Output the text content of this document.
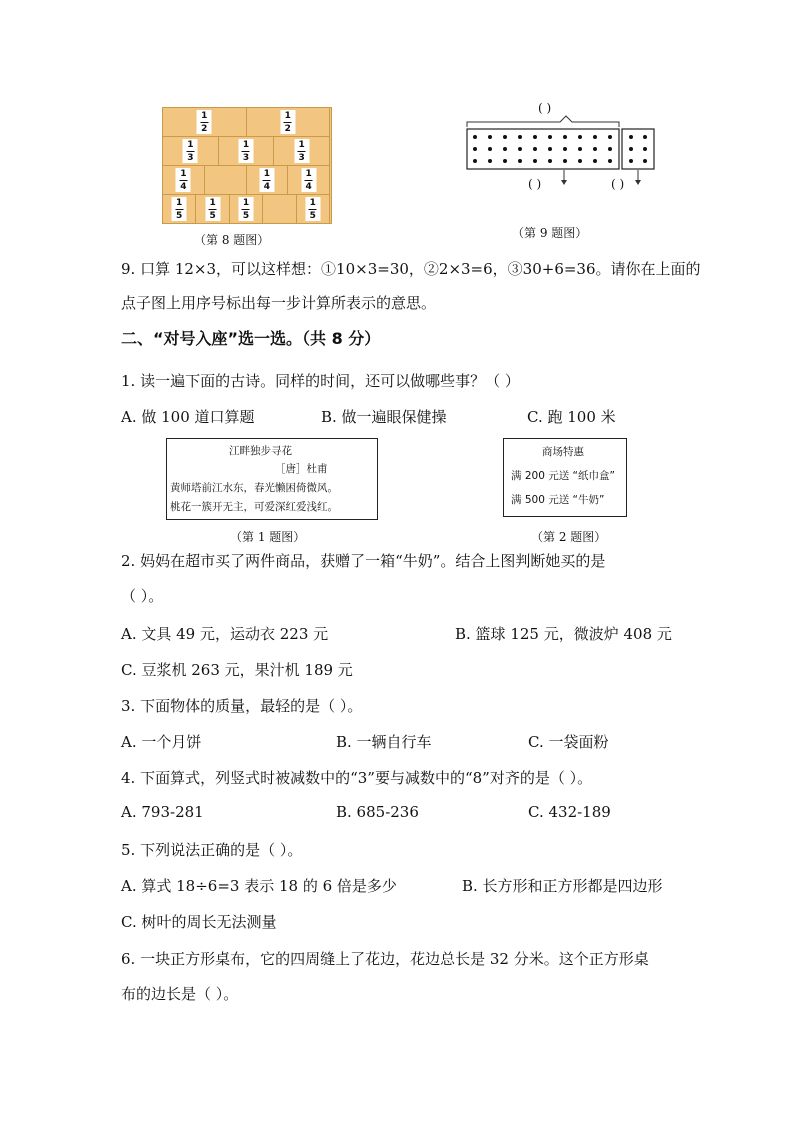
1
2
1
2
1
3
1
3
1
3
1
4
1
4
1
4
1
5
1
5
1
5
1
5
（第 8 题图）
( )
( )	( )
（第 9 题图）
9. 口算 12×3，可以这样想：①10×3=30，②2×3=6，③30+6=36。请你在上面的
点子图上用序号标出每一步计算所表示的意思。
二、“对号入座”选一选。（共 8 分）
1. 读一遍下面的古诗。同样的时间，还可以做哪些事？（ ）
A. 做 100 道口算题	B. 做一遍眼保健操	C. 跑 100 米
江畔独步寻花
［唐］杜甫
黄师塔前江水东，春光懒困倚微风。
桃花一簇开无主，可爱深红爱浅红。
（第 1 题图）
商场特惠
满 200 元送 “纸巾盒”
满 500 元送 “牛奶”
（第 2 题图）
2. 妈妈在超市买了两件商品，获赠了一箱“牛奶”。结合上图判断她买的是
（ ）。
A. 文具 49 元，运动衣 223 元	B. 篮球 125 元，微波炉 408 元
C. 豆浆机 263 元，果汁机 189 元
3. 下面物体的质量，最轻的是（ ）。
A. 一个月饼	B. 一辆自行车	C. 一袋面粉
4. 下面算式，列竖式时被减数中的“3”要与减数中的“8”对齐的是（ ）。
A. 793-281	B. 685-236	C. 432-189
5. 下列说法正确的是（ ）。
A. 算式 18÷6=3 表示 18 的 6 倍是多少	B. 长方形和正方形都是四边形
C. 树叶的周长无法测量
6. 一块正方形桌布，它的四周缝上了花边，花边总长是 32 分米。这个正方形桌
布的边长是（ ）。
